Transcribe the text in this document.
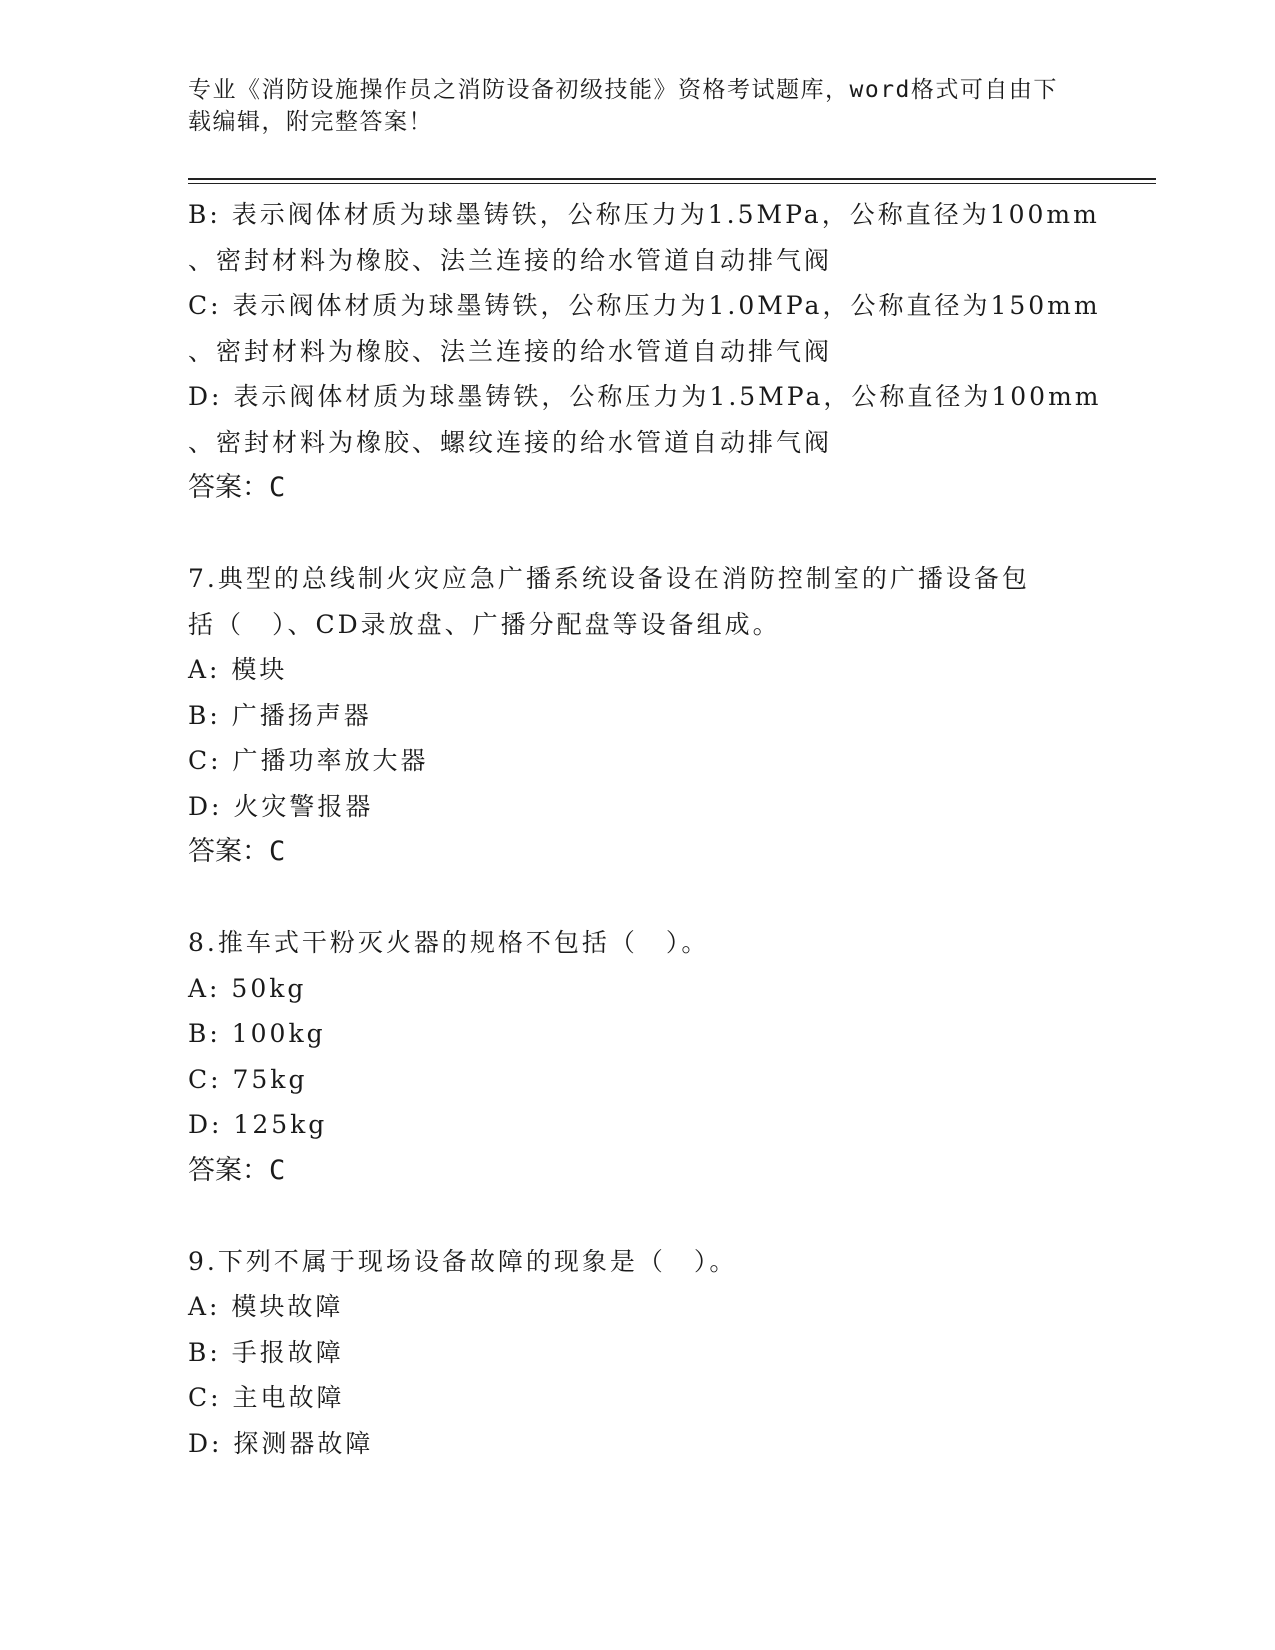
专业《消防设施操作员之消防设备初级技能》资格考试题库，word格式可自由下
载编辑，附完整答案！
B: 表示阀体材质为球墨铸铁，公称压力为1.5MPa，公称直径为100mm
、密封材料为橡胶、法兰连接的给水管道自动排气阀
C: 表示阀体材质为球墨铸铁，公称压力为1.0MPa，公称直径为150mm
、密封材料为橡胶、法兰连接的给水管道自动排气阀
D: 表示阀体材质为球墨铸铁，公称压力为1.5MPa，公称直径为100mm
、密封材料为橡胶、螺纹连接的给水管道自动排气阀
答案：C
7.典型的总线制火灾应急广播系统设备设在消防控制室的广播设备包
括（　）、CD录放盘、广播分配盘等设备组成。
A: 模块
B: 广播扬声器
C: 广播功率放大器
D: 火灾警报器
答案：C
8.推车式干粉灭火器的规格不包括（　）。
A: 50kg
B: 100kg
C: 75kg
D: 125kg
答案：C
9.下列不属于现场设备故障的现象是（　）。
A: 模块故障
B: 手报故障
C: 主电故障
D: 探测器故障
